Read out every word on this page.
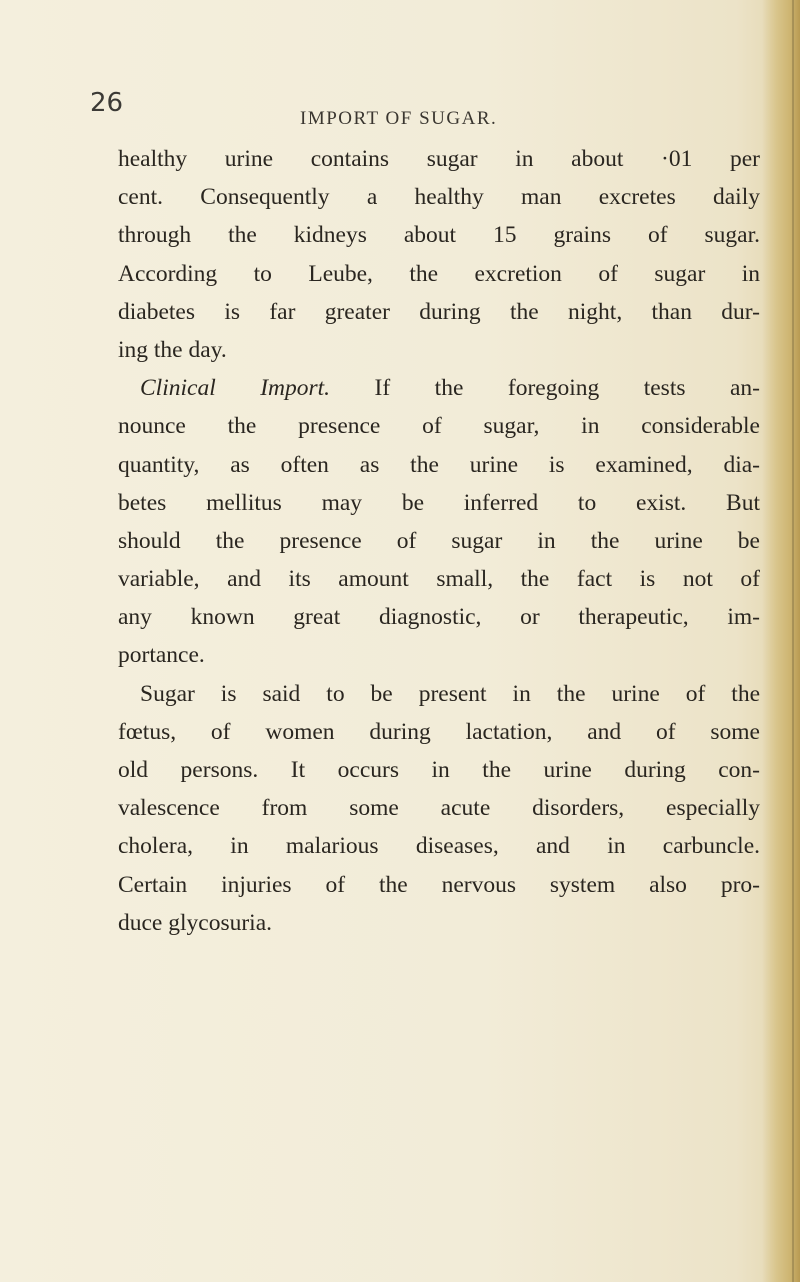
26
IMPORT OF SUGAR.
healthy urine contains sugar in about ·01 per
cent. Consequently a healthy man excretes daily
through the kidneys about 15 grains of sugar.
According to Leube, the excretion of sugar in
diabetes is far greater during the night, than dur-
ing the day.
Clinical Import. If the foregoing tests an-
nounce the presence of sugar, in considerable
quantity, as often as the urine is examined, dia-
betes mellitus may be inferred to exist. But
should the presence of sugar in the urine be
variable, and its amount small, the fact is not of
any known great diagnostic, or therapeutic, im-
portance.
Sugar is said to be present in the urine of the
fœtus, of women during lactation, and of some
old persons. It occurs in the urine during con-
valescence from some acute disorders, especially
cholera, in malarious diseases, and in carbuncle.
Certain injuries of the nervous system also pro-
duce glycosuria.
